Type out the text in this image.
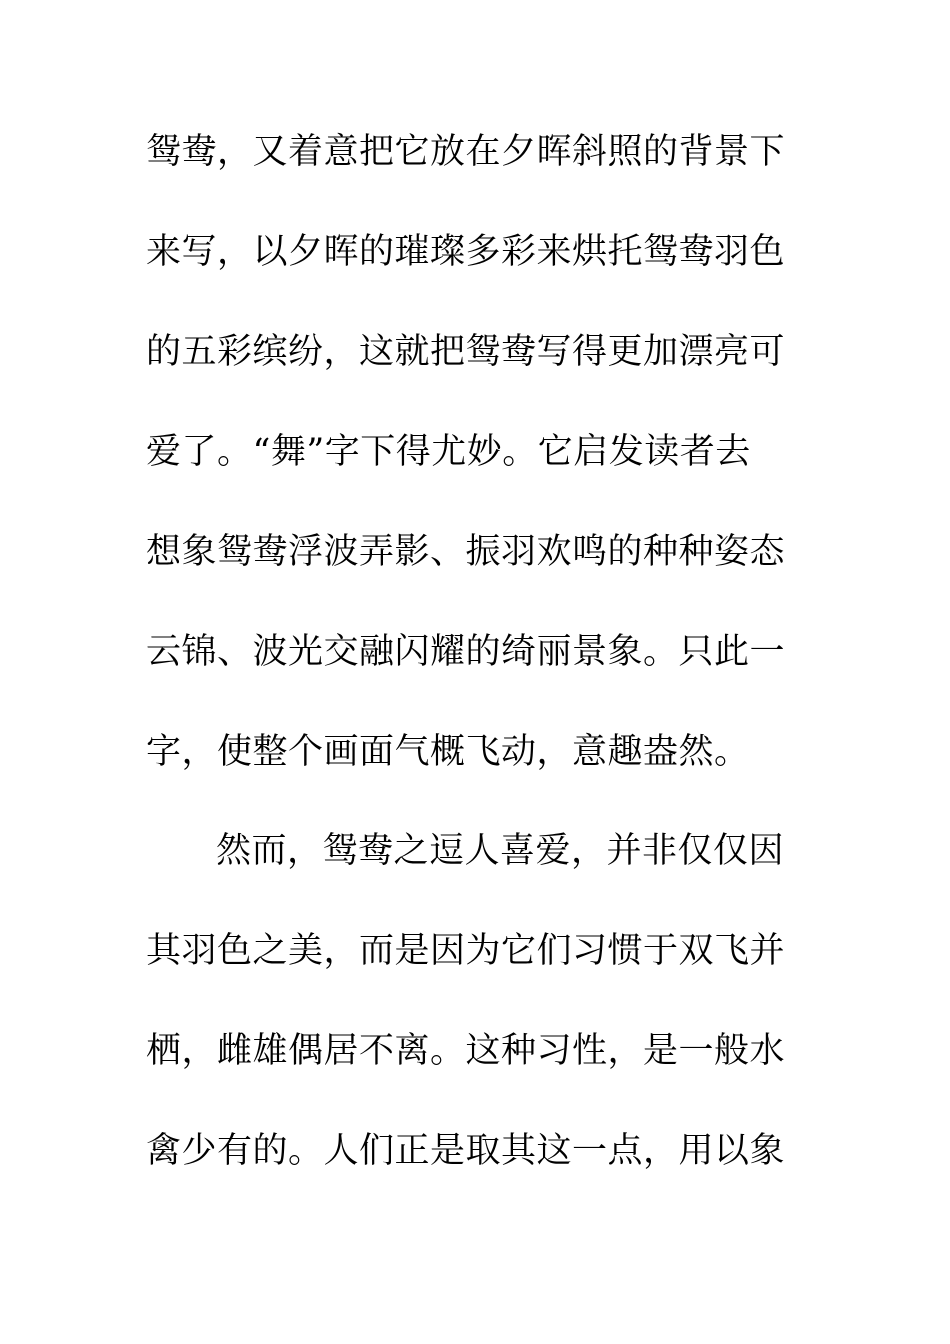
鸳鸯，又着意把它放在夕晖斜照的背景下
来写，以夕晖的璀璨多彩来烘托鸳鸯羽色
的五彩缤纷，这就把鸳鸯写得更加漂亮可
爱了。“舞”字下得尤妙。它启发读者去
想象鸳鸯浮波弄影、振羽欢鸣的种种姿态
云锦、波光交融闪耀的绮丽景象。只此一
字，使整个画面气概飞动，意趣盎然。
然而，鸳鸯之逗人喜爱，并非仅仅因
其羽色之美，而是因为它们习惯于双飞并
栖，雌雄偶居不离。这种习性，是一般水
禽少有的。人们正是取其这一点，用以象
